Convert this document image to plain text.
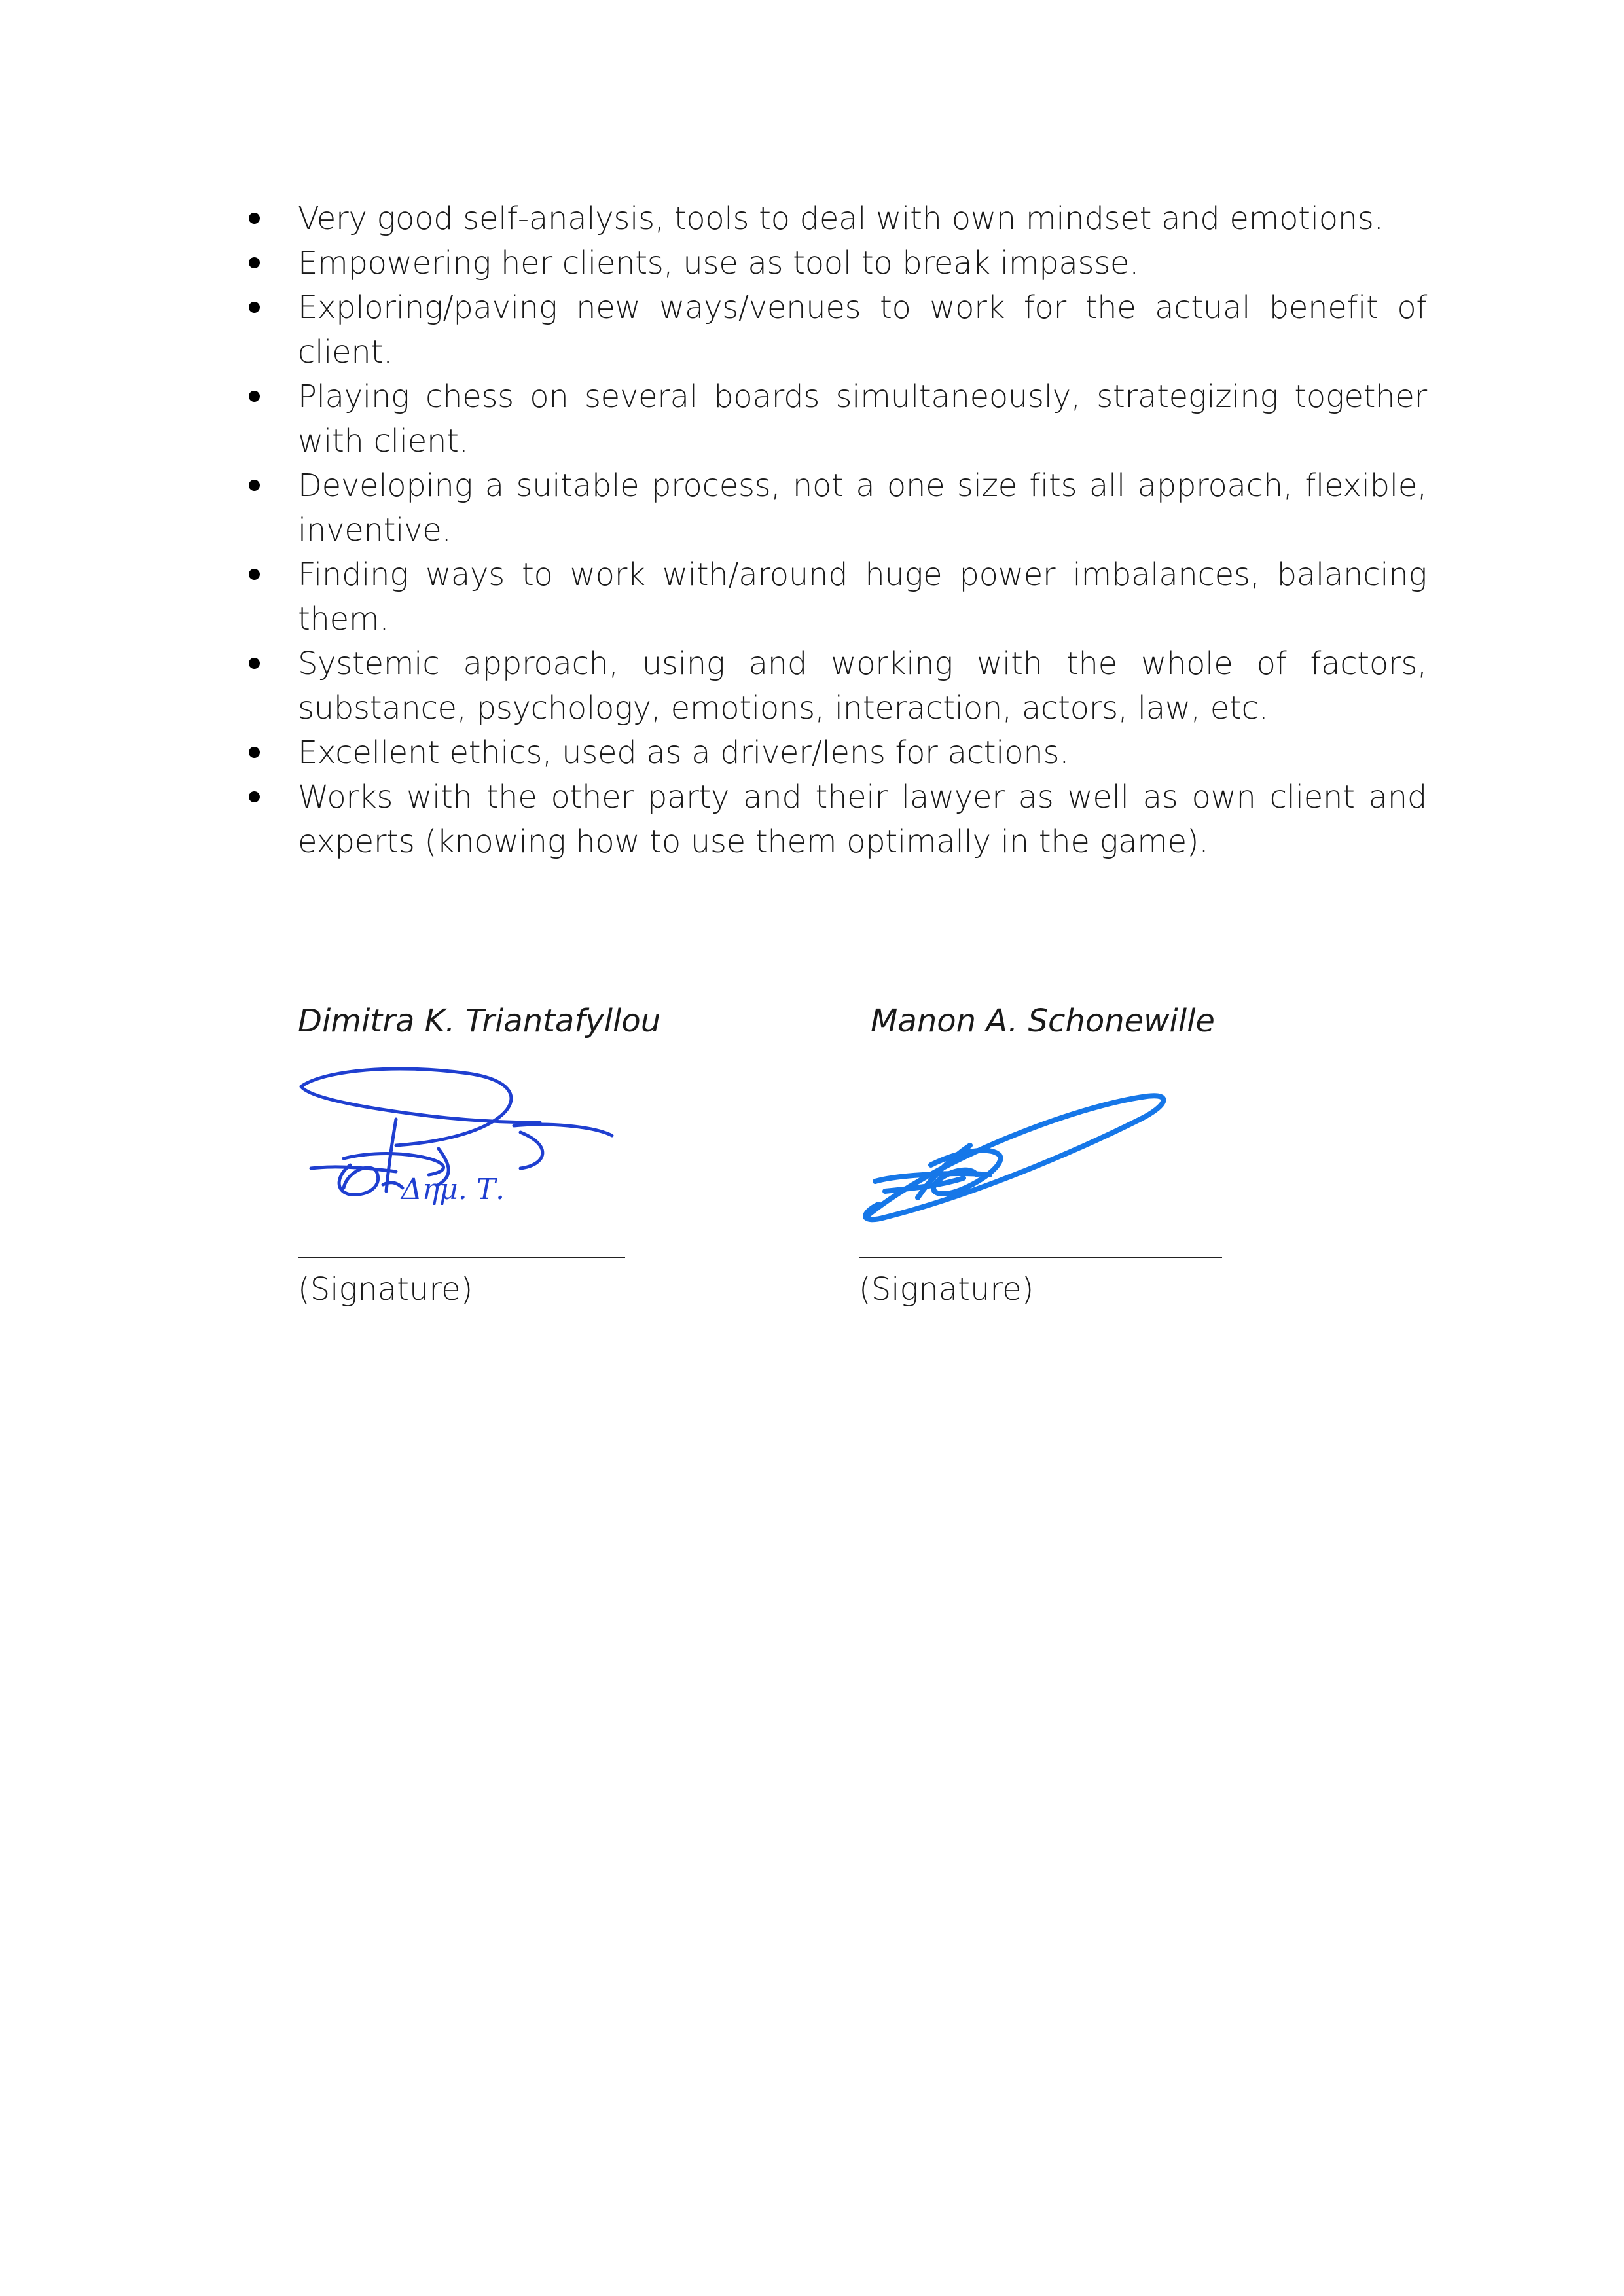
Very good self-analysis, tools to deal with own mindset and emotions.
Empowering her clients, use as tool to break impasse.
Exploring/paving new ways/venues to work for the actual benefit of client.
Playing chess on several boards simultaneously, strategizing together with client.
Developing a suitable process, not a one size fits all approach, flexible, inventive.
Finding ways to work with/around huge power imbalances, balancing them.
Systemic approach, using and working with the whole of factors, substance, psychology, emotions, interaction, actors, law, etc.
Excellent ethics, used as a driver/lens for actions.
Works with the other party and their lawyer as well as own client and experts (knowing how to use them optimally in the game).
Dimitra K. Triantafyllou
Δημ. Τ.
(Signature)
Manon A. Schonewille
(Signature)
